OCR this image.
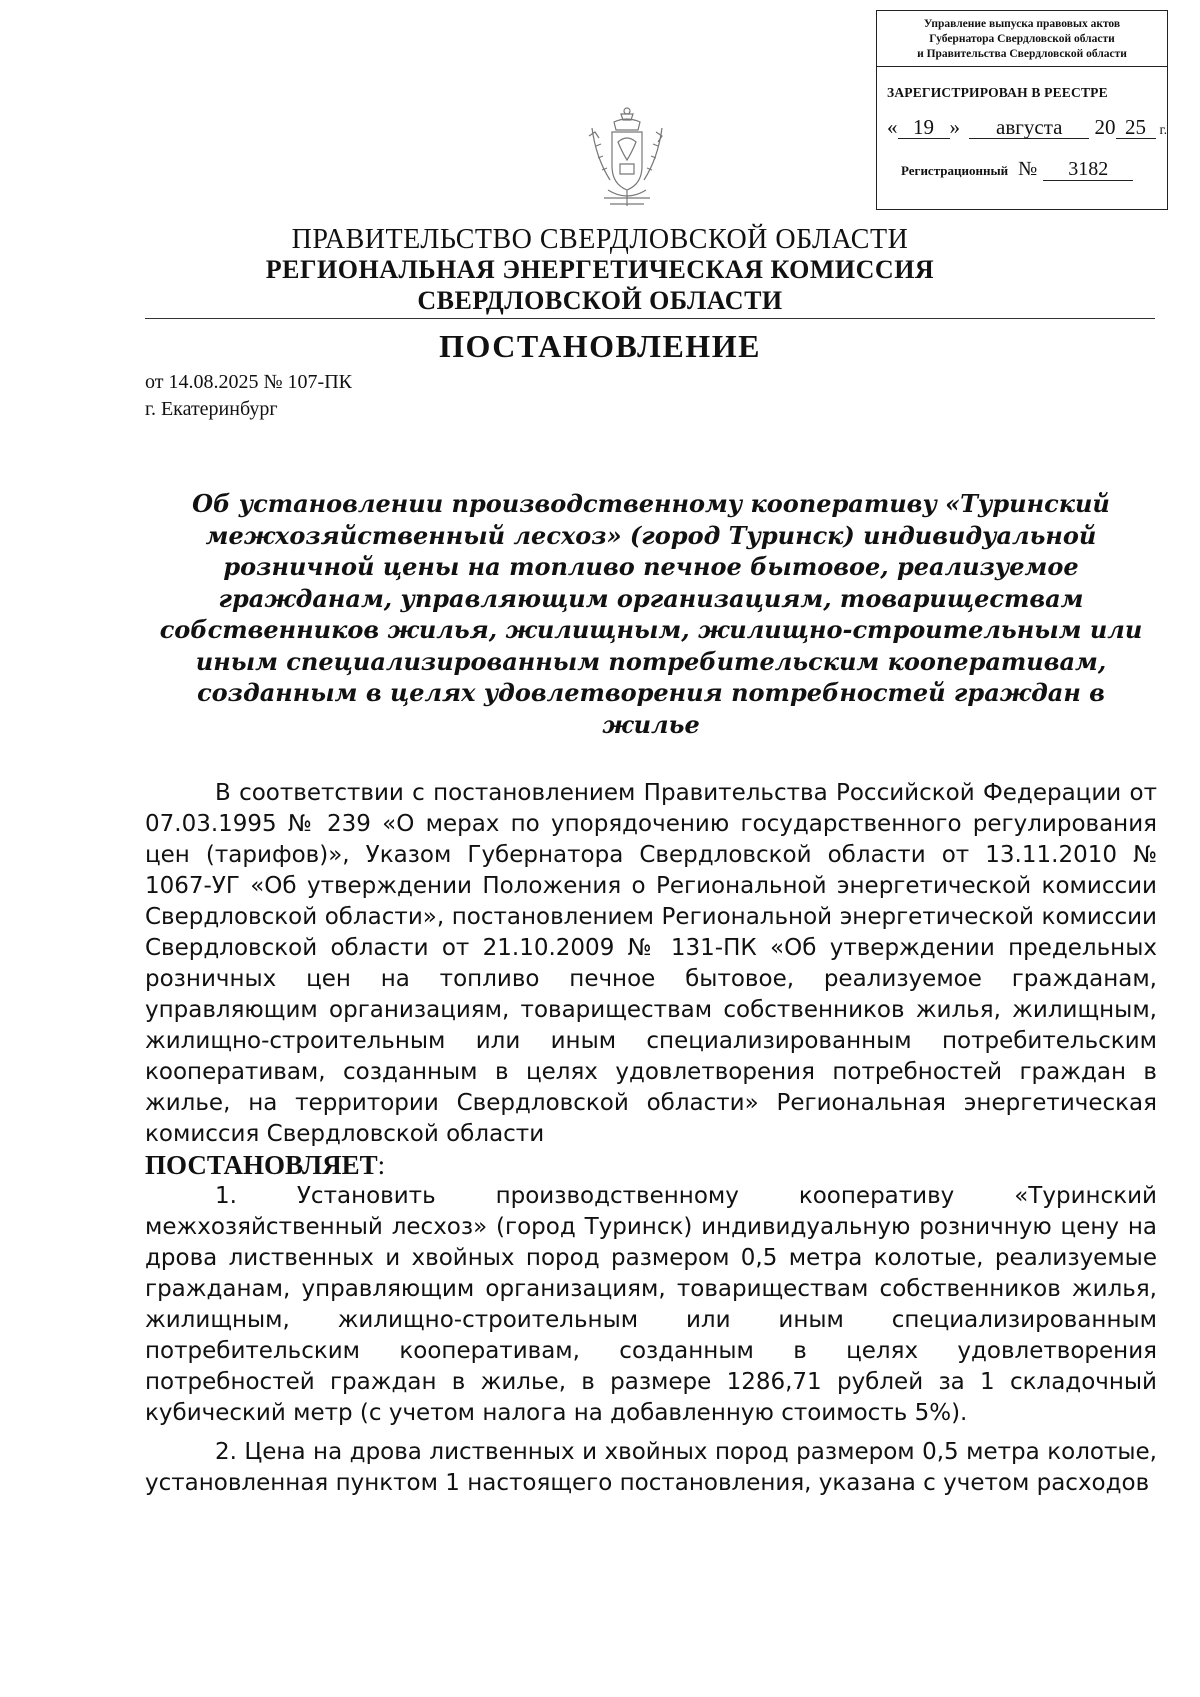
Управление выпуска правовых актов
Губернатора Свердловской области
и Правительства Свердловской области
ЗАРЕГИСТРИРОВАН В РЕЕСТРЕ
« 19 » августа 20 25 г.
Регистрационный № 3182
ПРАВИТЕЛЬСТВО СВЕРДЛОВСКОЙ ОБЛАСТИ
РЕГИОНАЛЬНАЯ ЭНЕРГЕТИЧЕСКАЯ КОМИССИЯ
СВЕРДЛОВСКОЙ ОБЛАСТИ
ПОСТАНОВЛЕНИЕ
от 14.08.2025 № 107-ПК
г. Екатеринбург
Об установлении производственному кооперативу «Туринский межхозяйственный лесхоз» (город Туринск) индивидуальной розничной цены на топливо печное бытовое, реализуемое гражданам, управляющим организациям, товариществам собственников жилья, жилищным, жилищно-строительным или иным специализированным потребительским кооперативам, созданным в целях удовлетворения потребностей граждан в жилье

В соответствии с постановлением Правительства Российской Федерации от 07.03.1995 № 239 «О мерах по упорядочению государственного регулирования цен (тарифов)», Указом Губернатора Свердловской области от 13.11.2010 № 1067-УГ «Об утверждении Положения о Региональной энергетической комиссии Свердловской области», постановлением Региональной энергетической комиссии Свердловской области от 21.10.2009 № 131-ПК «Об утверждении предельных розничных цен на топливо печное бытовое, реализуемое гражданам, управляющим организациям, товариществам собственников жилья, жилищным, жилищно-строительным или иным специализированным потребительским кооперативам, созданным в целях удовлетворения потребностей граждан в жилье, на территории Свердловской области» Региональная энергетическая комиссия Свердловской области

ПОСТАНОВЛЯЕТ:

1. Установить производственному кооперативу «Туринский межхозяйственный лесхоз» (город Туринск) индивидуальную розничную цену на дрова лиственных и хвойных пород размером 0,5 метра колотые, реализуемые гражданам, управляющим организациям, товариществам собственников жилья, жилищным, жилищно-строительным или иным специализированным потребительским кооперативам, созданным в целях удовлетворения потребностей граждан в жилье, в размере 1286,71 рублей за 1 складочный кубический метр (с учетом налога на добавленную стоимость 5%).

2. Цена на дрова лиственных и хвойных пород размером 0,5 метра колотые, установленная пунктом 1 настоящего постановления, указана с учетом расходов
